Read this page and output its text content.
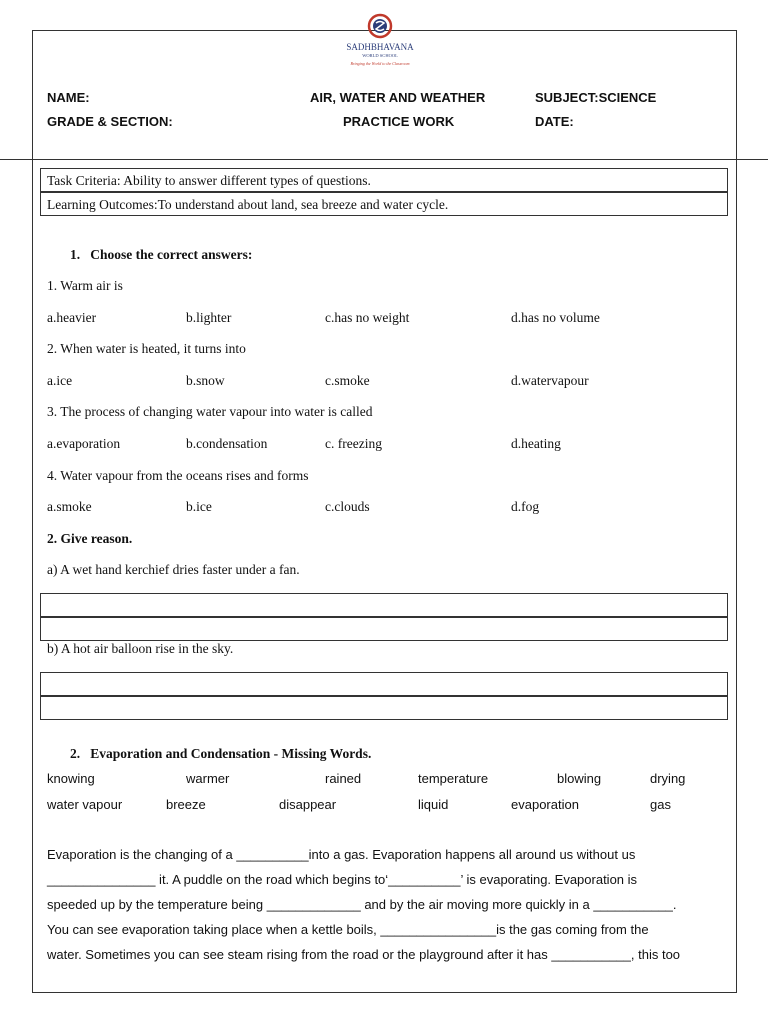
SADHBHAVANA
WORLD SCHOOL
Bringing the World to the Classroom
NAME:	AIR, WATER AND WEATHER	SUBJECT:SCIENCE
GRADE & SECTION:	PRACTICE WORK	DATE:
Task Criteria: Ability to answer different types of questions.
Learning Outcomes:To understand about land, sea breeze and water cycle.
1.   Choose the correct answers:
1. Warm air is
a.heavier	b.lighter	c.has no weight	d.has no volume
2. When water is heated, it turns into
a.ice	b.snow	c.smoke	d.watervapour
3. The process of changing water vapour into water is called
a.evaporation	b.condensation	c. freezing	d.heating
4. Water vapour from the oceans rises and forms
a.smoke	b.ice	c.clouds	d.fog
2. Give reason.
a) A wet hand kerchief dries faster under a fan.
b) A hot air balloon rise in the sky.
2.   Evaporation and Condensation - Missing Words.
knowing	warmer	rained	temperature	blowing	drying
water vapour	breeze	disappear	liquid	evaporation	gas
Evaporation is the changing of a __________into a gas. Evaporation happens all around us without us
_______________ it. A puddle on the road which begins to‘__________’ is evaporating. Evaporation is
speeded up by the temperature being _____________ and by the air moving more quickly in a ___________.
You can see evaporation taking place when a kettle boils, ________________is the gas coming from the
water. Sometimes you can see steam rising from the road or the playground after it has ___________, this too
